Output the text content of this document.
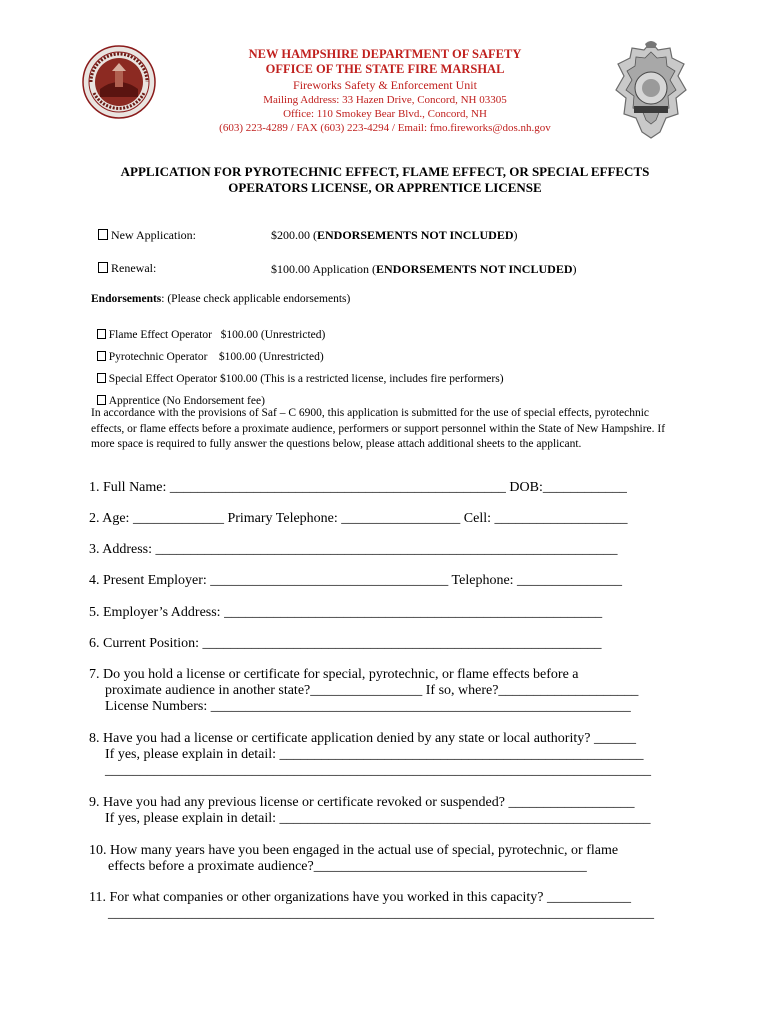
NEW HAMPSHIRE DEPARTMENT OF SAFETY
OFFICE OF THE STATE FIRE MARSHAL
Fireworks Safety & Enforcement Unit
Mailing Address: 33 Hazen Drive, Concord, NH 03305
Office: 110 Smokey Bear Blvd., Concord, NH
(603) 223-4289 / FAX (603) 223-4294 / Email: fmo.fireworks@dos.nh.gov
APPLICATION FOR PYROTECHNIC EFFECT, FLAME EFFECT, OR SPECIAL EFFECTS
OPERATORS LICENSE, OR APPRENTICE LICENSE
New Application:	$200.00 (ENDORSEMENTS NOT INCLUDED)
Renewal:	$100.00 Application (ENDORSEMENTS NOT INCLUDED)
Endorsements: (Please check applicable endorsements)

Flame Effect Operator   $100.00 (Unrestricted)

Pyrotechnic Operator    $100.00 (Unrestricted)

Special Effect Operator $100.00 (This is a restricted license, includes fire performers)

Apprentice (No Endorsement fee)

In accordance with the provisions of Saf – C 6900, this application is submitted for the use of special effects, pyrotechnic effects, or flame effects before a proximate audience, performers or support personnel within the State of New Hampshire. If more space is required to fully answer the questions below, please attach additional sheets to the applicant.
1. Full Name: ________________________________________________ DOB:____________
2. Age: _____________ Primary Telephone: _________________ Cell: ___________________
3. Address: __________________________________________________________________
4. Present Employer: __________________________________ Telephone: _______________
5. Employer’s Address: ______________________________________________________
6. Current Position: _________________________________________________________
7. Do you hold a license or certificate for special, pyrotechnic, or flame effects before a
proximate audience in another state?________________ If so, where?____________________
License Numbers: ____________________________________________________________
8. Have you had a license or certificate application denied by any state or local authority? ______
If yes, please explain in detail: ____________________________________________________
______________________________________________________________________________
9. Have you had any previous license or certificate revoked or suspended? __________________
If yes, please explain in detail: _____________________________________________________
10. How many years have you been engaged in the actual use of special, pyrotechnic, or flame
effects before a proximate audience?_______________________________________
11. For what companies or other organizations have you worked in this capacity? ____________
______________________________________________________________________________
